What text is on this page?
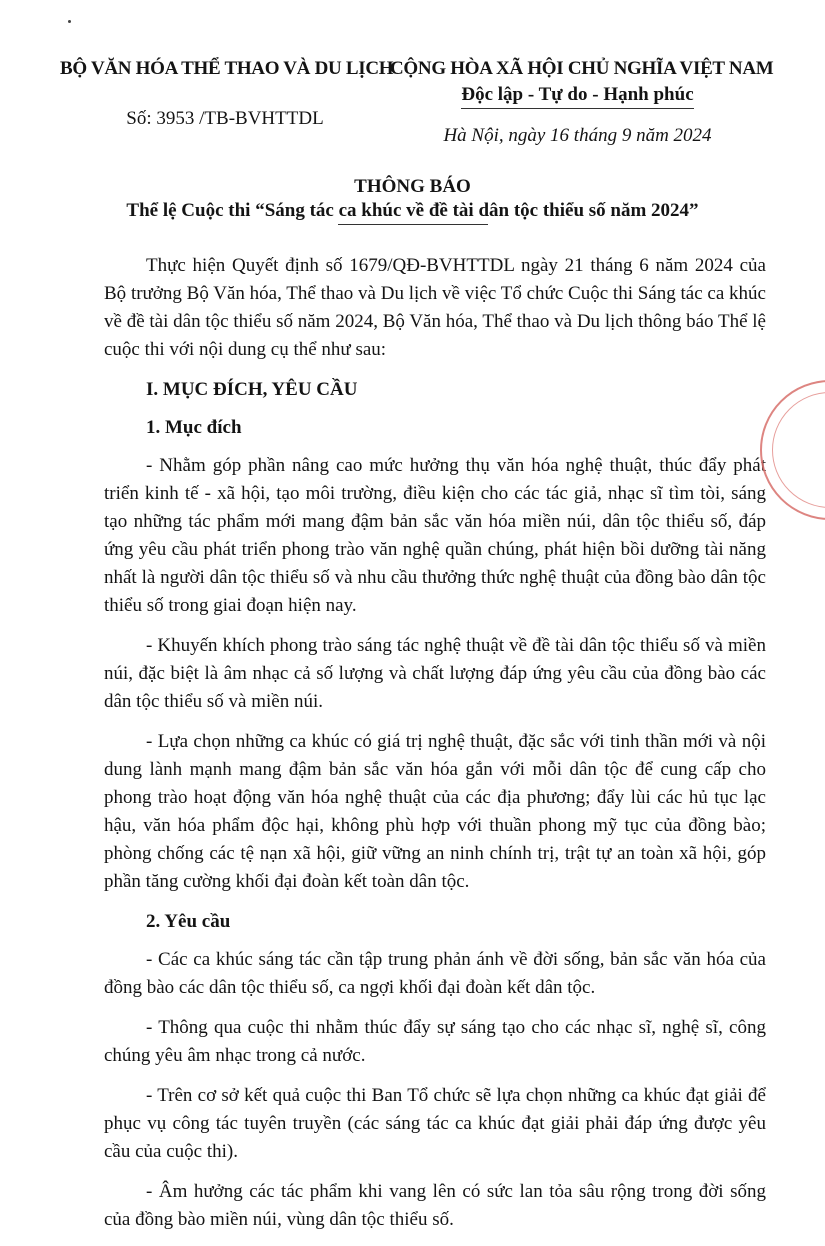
BỘ VĂN HÓA THỂ THAO VÀ DU LỊCH
Số: 3953 /TB-BVHTTDL
CỘNG HÒA XÃ HỘI CHỦ NGHĨA VIỆT NAM
Độc lập - Tự do - Hạnh phúc
Hà Nội, ngày 16 tháng 9 năm 2024
THÔNG BÁO
Thể lệ Cuộc thi “Sáng tác ca khúc về đề tài dân tộc thiểu số năm 2024”

Thực hiện Quyết định số 1679/QĐ-BVHTTDL ngày 21 tháng 6 năm 2024 của Bộ trưởng Bộ Văn hóa, Thể thao và Du lịch về việc Tổ chức Cuộc thi Sáng tác ca khúc về đề tài dân tộc thiểu số năm 2024, Bộ Văn hóa, Thể thao và Du lịch thông báo Thể lệ cuộc thi với nội dung cụ thể như sau:

I. MỤC ĐÍCH, YÊU CẦU
1. Mục đích

- Nhằm góp phần nâng cao mức hưởng thụ văn hóa nghệ thuật, thúc đẩy phát triển kinh tế - xã hội, tạo môi trường, điều kiện cho các tác giả, nhạc sĩ tìm tòi, sáng tạo những tác phẩm mới mang đậm bản sắc văn hóa miền núi, dân tộc thiểu số, đáp ứng yêu cầu phát triển phong trào văn nghệ quần chúng, phát hiện bồi dưỡng tài năng nhất là người dân tộc thiểu số và nhu cầu thưởng thức nghệ thuật của đồng bào dân tộc thiểu số trong giai đoạn hiện nay.

- Khuyến khích phong trào sáng tác nghệ thuật về đề tài dân tộc thiểu số và miền núi, đặc biệt là âm nhạc cả số lượng và chất lượng đáp ứng yêu cầu của đồng bào các dân tộc thiểu số và miền núi.

- Lựa chọn những ca khúc có giá trị nghệ thuật, đặc sắc với tinh thần mới và nội dung lành mạnh mang đậm bản sắc văn hóa gắn với mỗi dân tộc để cung cấp cho phong trào hoạt động văn hóa nghệ thuật của các địa phương; đẩy lùi các hủ tục lạc hậu, văn hóa phẩm độc hại, không phù hợp với thuần phong mỹ tục của đồng bào; phòng chống các tệ nạn xã hội, giữ vững an ninh chính trị, trật tự an toàn xã hội, góp phần tăng cường khối đại đoàn kết toàn dân tộc.

2. Yêu cầu

- Các ca khúc sáng tác cần tập trung phản ánh về đời sống, bản sắc văn hóa của đồng bào các dân tộc thiểu số, ca ngợi khối đại đoàn kết dân tộc.

- Thông qua cuộc thi nhằm thúc đẩy sự sáng tạo cho các nhạc sĩ, nghệ sĩ, công chúng yêu âm nhạc trong cả nước.

- Trên cơ sở kết quả cuộc thi Ban Tổ chức sẽ lựa chọn những ca khúc đạt giải để phục vụ công tác tuyên truyền (các sáng tác ca khúc đạt giải phải đáp ứng được yêu cầu của cuộc thi).

- Âm hưởng các tác phẩm khi vang lên có sức lan tỏa sâu rộng trong đời sống của đồng bào miền núi, vùng dân tộc thiểu số.
